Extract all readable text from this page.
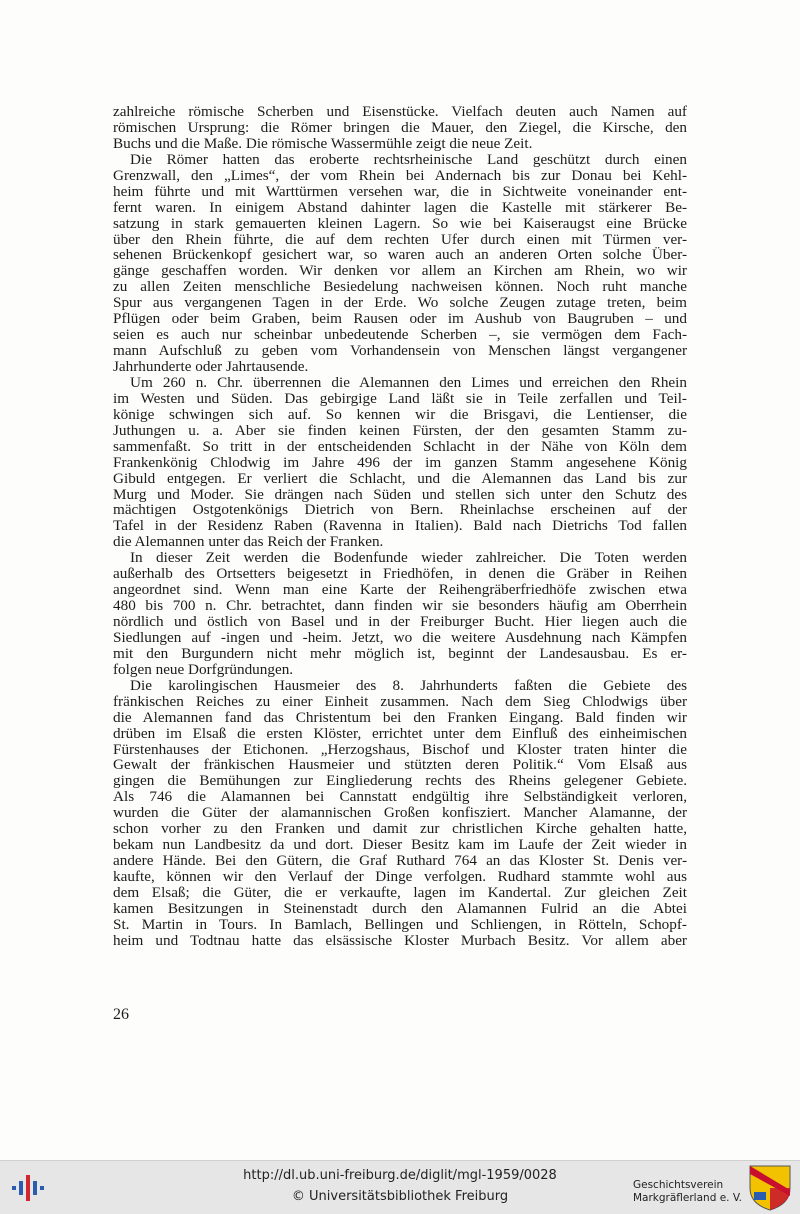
zahlreiche römische Scherben und Eisenstücke. Vielfach deuten auch Namen auf
römischen Ursprung: die Römer bringen die Mauer, den Ziegel, die Kirsche, den
Buchs und die Maße. Die römische Wassermühle zeigt die neue Zeit.
Die Römer hatten das eroberte rechtsrheinische Land geschützt durch einen
Grenzwall, den „Limes“, der vom Rhein bei Andernach bis zur Donau bei Kehl-
heim führte und mit Warttürmen versehen war, die in Sichtweite voneinander ent-
fernt waren. In einigem Abstand dahinter lagen die Kastelle mit stärkerer Be-
satzung in stark gemauerten kleinen Lagern. So wie bei Kaiseraugst eine Brücke
über den Rhein führte, die auf dem rechten Ufer durch einen mit Türmen ver-
sehenen Brückenkopf gesichert war, so waren auch an anderen Orten solche Über-
gänge geschaffen worden. Wir denken vor allem an Kirchen am Rhein, wo wir
zu allen Zeiten menschliche Besiedelung nachweisen können. Noch ruht manche
Spur aus vergangenen Tagen in der Erde. Wo solche Zeugen zutage treten, beim
Pflügen oder beim Graben, beim Rausen oder im Aushub von Baugruben – und
seien es auch nur scheinbar unbedeutende Scherben –, sie vermögen dem Fach-
mann Aufschluß zu geben vom Vorhandensein von Menschen längst vergangener
Jahrhunderte oder Jahrtausende.
Um 260 n. Chr. überrennen die Alemannen den Limes und erreichen den Rhein
im Westen und Süden. Das gebirgige Land läßt sie in Teile zerfallen und Teil-
könige schwingen sich auf. So kennen wir die Brisgavi, die Lentienser, die
Juthungen u. a. Aber sie finden keinen Fürsten, der den gesamten Stamm zu-
sammenfaßt. So tritt in der entscheidenden Schlacht in der Nähe von Köln dem
Frankenkönig Chlodwig im Jahre 496 der im ganzen Stamm angesehene König
Gibuld entgegen. Er verliert die Schlacht, und die Alemannen das Land bis zur
Murg und Moder. Sie drängen nach Süden und stellen sich unter den Schutz des
mächtigen Ostgotenkönigs Dietrich von Bern. Rheinlachse erscheinen auf der
Tafel in der Residenz Raben (Ravenna in Italien). Bald nach Dietrichs Tod fallen
die Alemannen unter das Reich der Franken.
In dieser Zeit werden die Bodenfunde wieder zahlreicher. Die Toten werden
außerhalb des Ortsetters beigesetzt in Friedhöfen, in denen die Gräber in Reihen
angeordnet sind. Wenn man eine Karte der Reihengräberfriedhöfe zwischen etwa
480 bis 700 n. Chr. betrachtet, dann finden wir sie besonders häufig am Oberrhein
nördlich und östlich von Basel und in der Freiburger Bucht. Hier liegen auch die
Siedlungen auf -ingen und -heim. Jetzt, wo die weitere Ausdehnung nach Kämpfen
mit den Burgundern nicht mehr möglich ist, beginnt der Landesausbau. Es er-
folgen neue Dorfgründungen.
Die karolingischen Hausmeier des 8. Jahrhunderts faßten die Gebiete des
fränkischen Reiches zu einer Einheit zusammen. Nach dem Sieg Chlodwigs über
die Alemannen fand das Christentum bei den Franken Eingang. Bald finden wir
drüben im Elsaß die ersten Klöster, errichtet unter dem Einfluß des einheimischen
Fürstenhauses der Etichonen. „Herzogshaus, Bischof und Kloster traten hinter die
Gewalt der fränkischen Hausmeier und stützten deren Politik.“ Vom Elsaß aus
gingen die Bemühungen zur Eingliederung rechts des Rheins gelegener Gebiete.
Als 746 die Alamannen bei Cannstatt endgültig ihre Selbständigkeit verloren,
wurden die Güter der alamannischen Großen konfisziert. Mancher Alamanne, der
schon vorher zu den Franken und damit zur christlichen Kirche gehalten hatte,
bekam nun Landbesitz da und dort. Dieser Besitz kam im Laufe der Zeit wieder in
andere Hände. Bei den Gütern, die Graf Ruthard 764 an das Kloster St. Denis ver-
kaufte, können wir den Verlauf der Dinge verfolgen. Rudhard stammte wohl aus
dem Elsaß; die Güter, die er verkaufte, lagen im Kandertal. Zur gleichen Zeit
kamen Besitzungen in Steinenstadt durch den Alamannen Fulrid an die Abtei
St. Martin in Tours. In Bamlach, Bellingen und Schliengen, in Rötteln, Schopf-
heim und Todtnau hatte das elsässische Kloster Murbach Besitz. Vor allem aber
26
http://dl.ub.uni-freiburg.de/diglit/mgl-1959/0028
© Universitätsbibliothek Freiburg
Geschichtsverein
Markgräflerland e. V.
